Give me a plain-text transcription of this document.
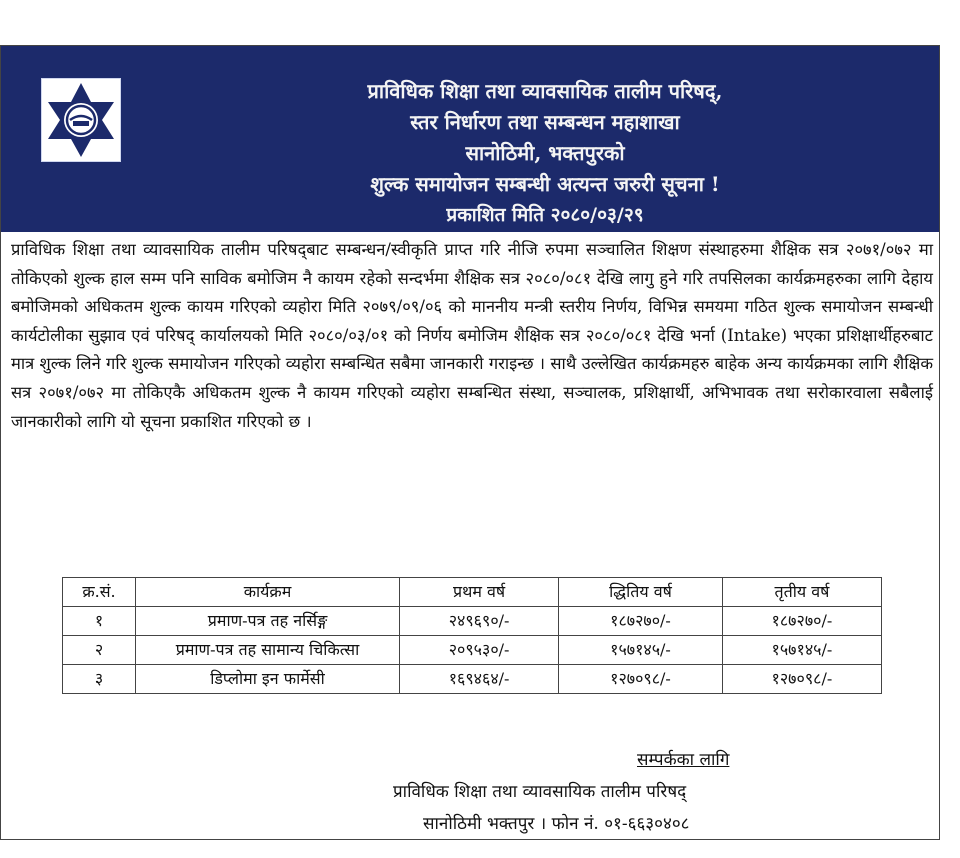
प्राविधिक शिक्षा तथा व्यावसायिक तालीम परिषद्,
स्तर निर्धारण तथा सम्बन्धन महाशाखा
सानोठिमी, भक्तपुरको
शुल्क समायोजन सम्बन्धी अत्यन्त जरुरी सूचना !
प्रकाशित मिति २०८०/०३/२९
प्राविधिक शिक्षा तथा व्यावसायिक तालीम परिषद्‌बाट सम्बन्धन/स्वीकृति प्राप्त गरि नीजि रुपमा सञ्चालित शिक्षण संस्थाहरुमा शैक्षिक सत्र २०७१/०७२ मा तोकिएको शुल्क हाल सम्म पनि साविक बमोजिम नै कायम रहेको सन्दर्भमा शैक्षिक सत्र २०८०/०८१ देखि लागु हुने गरि तपसिलका कार्यक्रमहरुका लागि देहाय बमोजिमको अधिकतम शुल्क कायम गरिएको व्यहोरा मिति २०७९/०९/०६ को माननीय मन्त्री स्तरीय निर्णय, विभिन्न समयमा गठित शुल्क समायोजन सम्बन्धी कार्यटोलीका सुझाव एवं परिषद् कार्यालयको मिति २०८०/०३/०१ को निर्णय बमोजिम शैक्षिक सत्र २०८०/०८१ देखि भर्ना (Intake) भएका प्रशिक्षार्थीहरुबाट मात्र शुल्क लिने गरि शुल्क समायोजन गरिएको व्यहोरा सम्बन्धित सबैमा जानकारी गराइन्छ । साथै उल्लेखित कार्यक्रमहरु बाहेक अन्य कार्यक्रमका लागि शैक्षिक सत्र २०७१/०७२ मा तोकिएकै अधिकतम शुल्क नै कायम गरिएको व्यहोरा सम्बन्धित संस्था, सञ्चालक, प्रशिक्षार्थी, अभिभावक तथा सरोकारवाला सबैलाई जानकारीको लागि यो सूचना प्रकाशित गरिएको छ ।
क्र.सं.	कार्यक्रम	प्रथम वर्ष	द्धितिय वर्ष	तृतीय वर्ष
१	प्रमाण-पत्र तह नर्सिङ्ग	२४९६९०/-	१८७२७०/-	१८७२७०/-
२	प्रमाण-पत्र तह सामान्य चिकित्सा	२०९५३०/-	१५७१४५/-	१५७१४५/-
३	डिप्लोमा इन फार्मेसी	१६९४६४/-	१२७०९८/-	१२७०९८/-
सम्पर्कका लागि
प्राविधिक शिक्षा तथा व्यावसायिक तालीम परिषद्
सानोठिमी भक्तपुर । फोन नं. ०१-६६३०४०८
